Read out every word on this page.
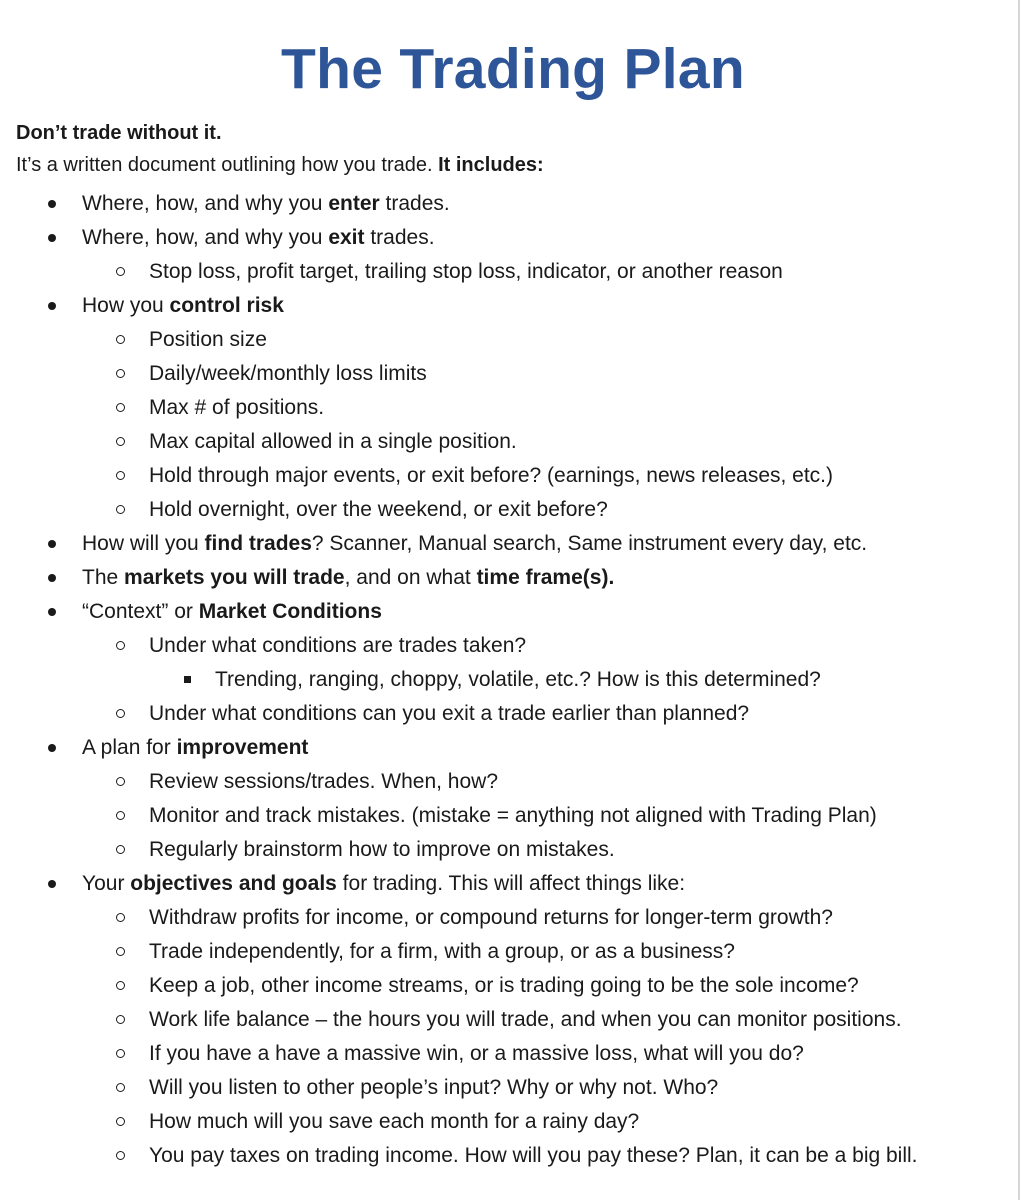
The Trading Plan
Don’t trade without it.
It’s a written document outlining how you trade. It includes:
Where, how, and why you enter trades.
Where, how, and why you exit trades.
Stop loss, profit target, trailing stop loss, indicator, or another reason
How you control risk
Position size
Daily/week/monthly loss limits
Max # of positions.
Max capital allowed in a single position.
Hold through major events, or exit before? (earnings, news releases, etc.)
Hold overnight, over the weekend, or exit before?
How will you find trades? Scanner, Manual search, Same instrument every day, etc.
The markets you will trade, and on what time frame(s).
“Context” or Market Conditions
Under what conditions are trades taken?
Trending, ranging, choppy, volatile, etc.? How is this determined?
Under what conditions can you exit a trade earlier than planned?
A plan for improvement
Review sessions/trades. When, how?
Monitor and track mistakes. (mistake = anything not aligned with Trading Plan)
Regularly brainstorm how to improve on mistakes.
Your objectives and goals for trading. This will affect things like:
Withdraw profits for income, or compound returns for longer-term growth?
Trade independently, for a firm, with a group, or as a business?
Keep a job, other income streams, or is trading going to be the sole income?
Work life balance – the hours you will trade, and when you can monitor positions.
If you have a have a massive win, or a massive loss, what will you do?
Will you listen to other people’s input? Why or why not. Who?
How much will you save each month for a rainy day?
You pay taxes on trading income. How will you pay these? Plan, it can be a big bill.
